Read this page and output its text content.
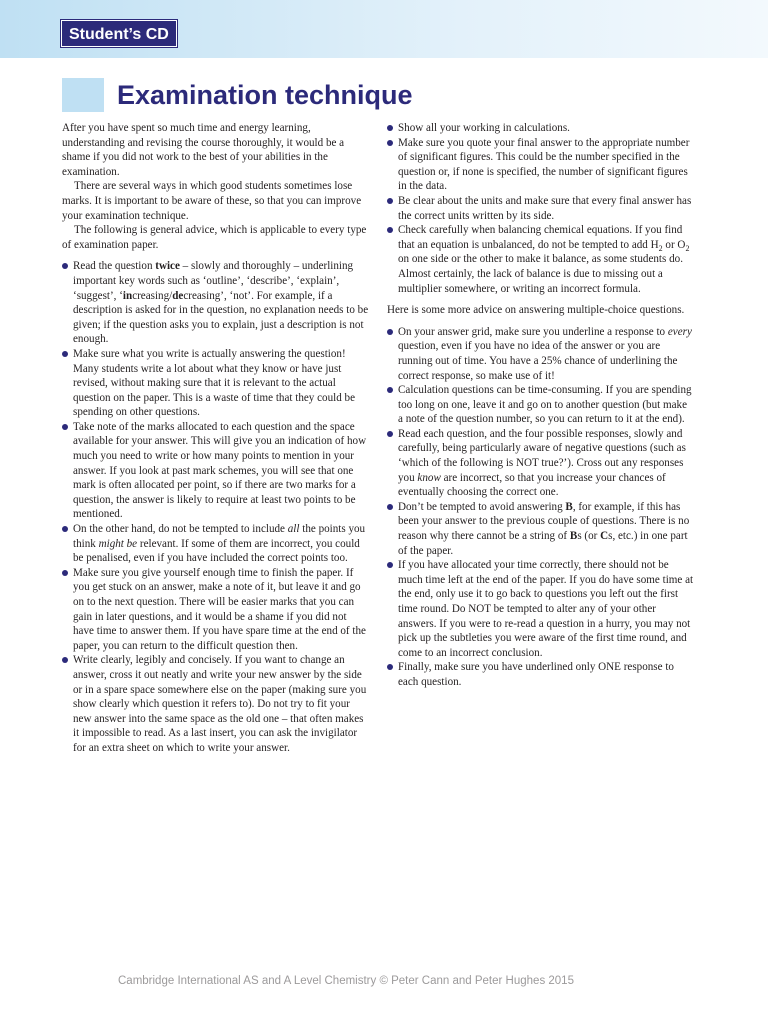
Student’s CD
Examination technique

After you have spent so much time and energy learning, understanding and revising the course thoroughly, it would be a shame if you did not work to the best of your abilities in the examination.

There are several ways in which good students sometimes lose marks. It is important to be aware of these, so that you can improve your examination technique.

The following is general advice, which is applicable to every type of examination paper.

Read the question twice – slowly and thoroughly – underlining important key words such as ‘outline’, ‘describe’, ‘explain’, ‘suggest’, ‘increasing/decreasing’, ‘not’. For example, if a description is asked for in the question, no explanation needs to be given; if the question asks you to explain, just a description is not enough.
Make sure what you write is actually answering the question! Many students write a lot about what they know or have just revised, without making sure that it is relevant to the actual question on the paper. This is a waste of time that they could be spending on other questions.
Take note of the marks allocated to each question and the space available for your answer. This will give you an indication of how much you need to write or how many points to mention in your answer. If you look at past mark schemes, you will see that one mark is often allocated per point, so if there are two marks for a question, the answer is likely to require at least two points to be mentioned.
On the other hand, do not be tempted to include all the points you think might be relevant. If some of them are incorrect, you could be penalised, even if you have included the correct points too.
Make sure you give yourself enough time to finish the paper. If you get stuck on an answer, make a note of it, but leave it and go on to the next question. There will be easier marks that you can gain in later questions, and it would be a shame if you did not have time to answer them. If you have spare time at the end of the paper, you can return to the difficult question then.
Write clearly, legibly and concisely. If you want to change an answer, cross it out neatly and write your new answer by the side or in a spare space somewhere else on the paper (making sure you show clearly which question it refers to). Do not try to fit your new answer into the same space as the old one – that often makes it impossible to read. As a last insert, you can ask the invigilator for an extra sheet on which to write your answer.
Show all your working in calculations.
Make sure you quote your final answer to the appropriate number of significant figures. This could be the number specified in the question or, if none is specified, the number of significant figures in the data.
Be clear about the units and make sure that every final answer has the correct units written by its side.
Check carefully when balancing chemical equations. If you find that an equation is unbalanced, do not be tempted to add $H_2$ or $O_2$ on one side or the other to make it balance, as some students do. Almost certainly, the lack of balance is due to missing out a multiplier somewhere, or writing an incorrect formula.

Here is some more advice on answering multiple-choice questions.

On your answer grid, make sure you underline a response to every question, even if you have no idea of the answer or you are running out of time. You have a 25% chance of underlining the correct response, so make use of it!
Calculation questions can be time-consuming. If you are spending too long on one, leave it and go on to another question (but make a note of the question number, so you can return to it at the end).
Read each question, and the four possible responses, slowly and carefully, being particularly aware of negative questions (such as ‘which of the following is NOT true?’). Cross out any responses you know are incorrect, so that you increase your chances of eventually choosing the correct one.
Don’t be tempted to avoid answering B, for example, if this has been your answer to the previous couple of questions. There is no reason why there cannot be a string of Bs (or Cs, etc.) in one part of the paper.
If you have allocated your time correctly, there should not be much time left at the end of the paper. If you do have some time at the end, only use it to go back to questions you left out the first time round. Do NOT be tempted to alter any of your other answers. If you were to re-read a question in a hurry, you may not pick up the subtleties you were aware of the first time round, and come to an incorrect conclusion.
Finally, make sure you have underlined only ONE response to each question.
Cambridge International AS and A Level Chemistry © Peter Cann and Peter Hughes 2015
